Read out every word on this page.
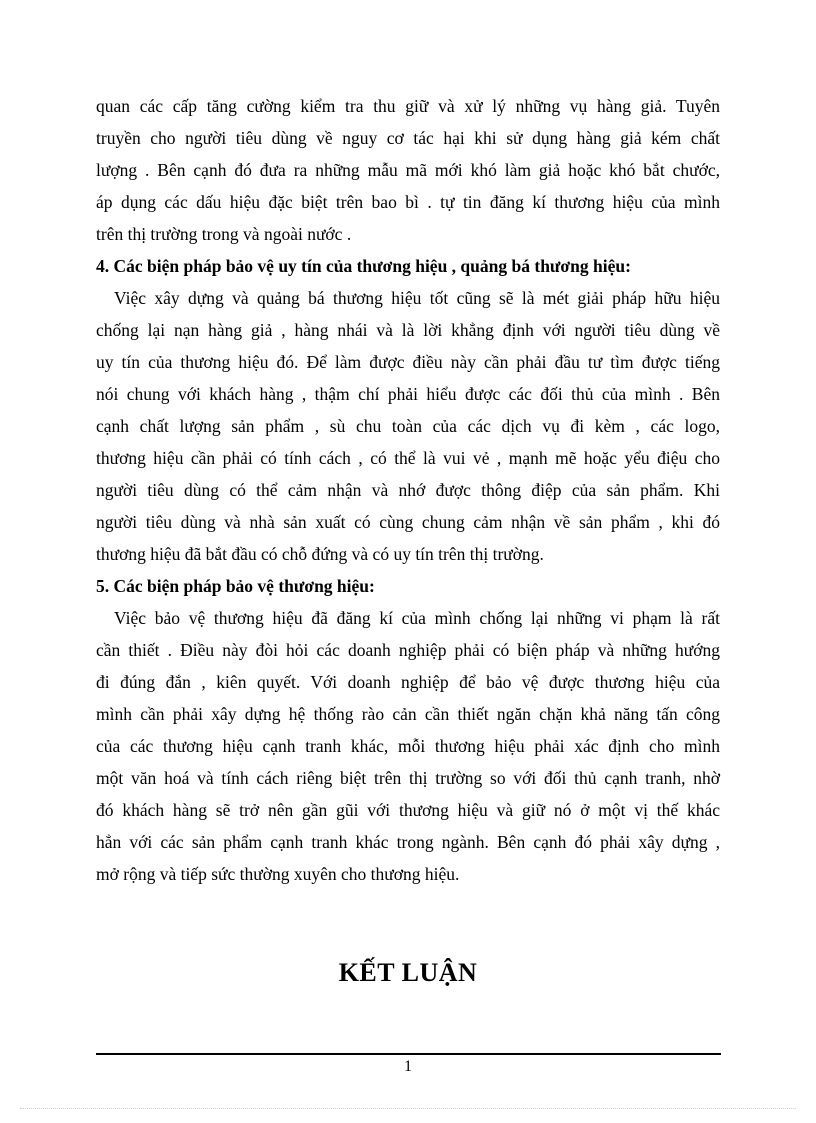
quan các cấp tăng cường kiểm tra thu giữ và xử lý những vụ hàng giả. Tuyên
truyền cho người tiêu dùng về nguy cơ tác hại khi sử dụng hàng giả kém chất
lượng . Bên cạnh đó đưa ra những mẫu mã mới khó làm giả hoặc khó bắt chước,
áp dụng các dấu hiệu đặc biệt trên bao bì . tự tin đăng kí thương hiệu của mình
trên thị trường trong và ngoài nước .
4. Các biện pháp bảo vệ uy tín của thương hiệu , quảng bá thương hiệu:
Việc xây dựng và quảng bá thương hiệu tốt cũng sẽ là mét giải pháp hữu hiệu
chống lại nạn hàng giả , hàng nhái và là lời khẳng định với người tiêu dùng về
uy tín của thương hiệu đó. Để làm được điều này cần phải đầu tư tìm được tiếng
nói chung với khách hàng , thậm chí phải hiểu được các đối thủ của mình . Bên
cạnh chất lượng sản phẩm , sù chu toàn của các dịch vụ đi kèm , các logo,
thương hiệu cần phải có tính cách , có thể là vui vẻ , mạnh mẽ hoặc yểu điệu cho
người tiêu dùng có thể cảm nhận và nhớ được thông điệp của sản phẩm. Khi
người tiêu dùng và nhà sản xuất có cùng chung cảm nhận về sản phẩm , khi đó
thương hiệu đã bắt đầu có chỗ đứng và có uy tín trên thị trường.
5. Các biện pháp bảo vệ thương hiệu:
Việc bảo vệ thương hiệu đã đăng kí của mình chống lại những vi phạm là rất
cần thiết . Điều này đòi hỏi các doanh nghiệp phải có biện pháp và những hướng
đi đúng đắn , kiên quyết. Với doanh nghiệp để bảo vệ được thương hiệu của
mình cần phải xây dựng hệ thống rào cản cần thiết ngăn chặn khả năng tấn công
của các thương hiệu cạnh tranh khác, mỗi thương hiệu phải xác định cho mình
một văn hoá và tính cách riêng biệt trên thị trường so với đối thủ cạnh tranh, nhờ
đó khách hàng sẽ trở nên gần gũi với thương hiệu và giữ nó ở một vị thế khác
hẳn với các sản phẩm cạnh tranh khác trong ngành. Bên cạnh đó phải xây dựng ,
mở rộng và tiếp sức thường xuyên cho thương hiệu.
KẾT LUẬN
1
